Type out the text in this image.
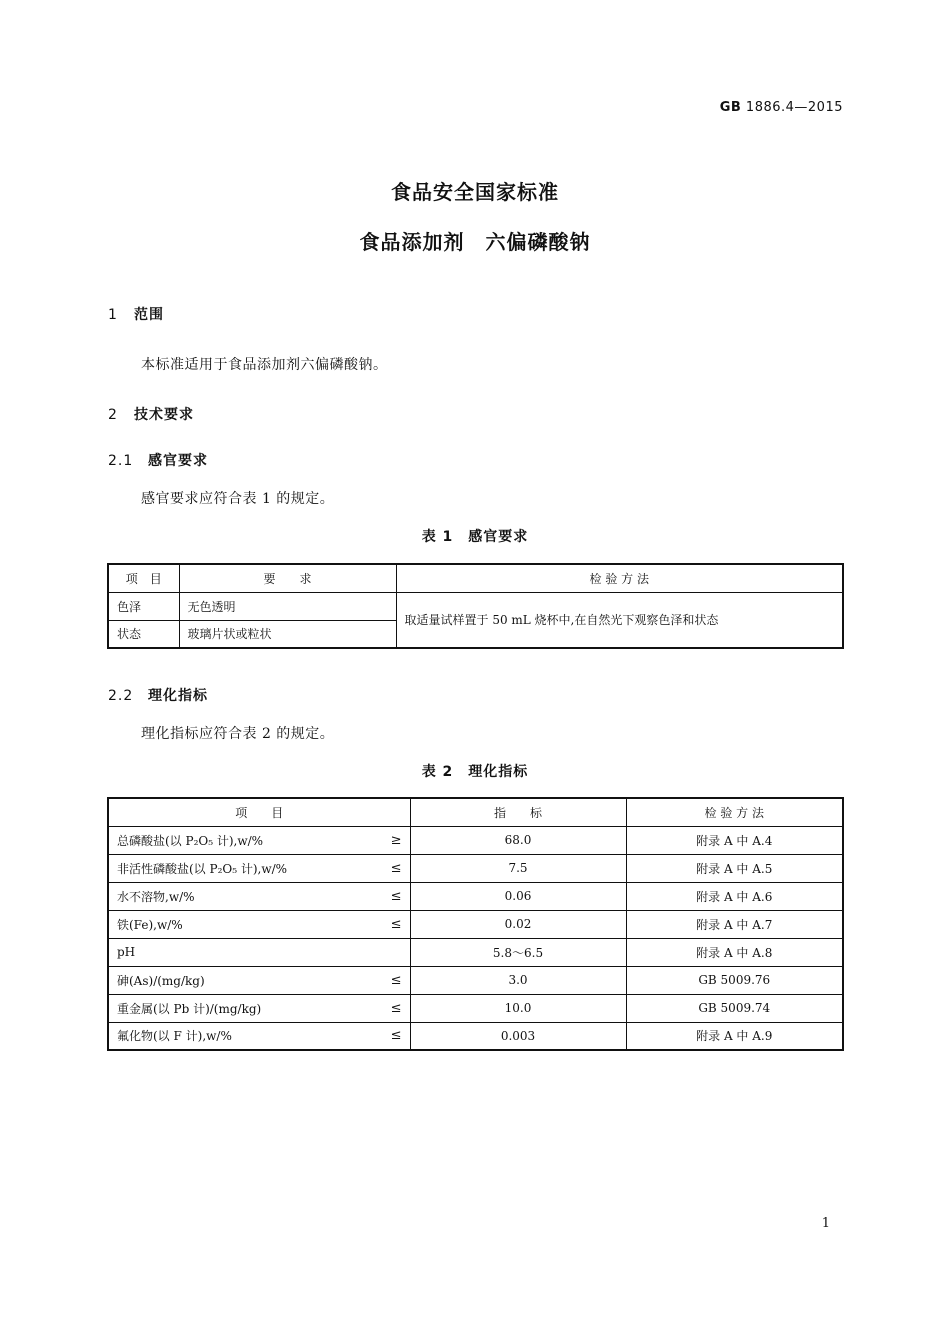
GB 1886.4—2015
食品安全国家标准
食品添加剂　六偏磷酸钠
1 范围
本标准适用于食品添加剂六偏磷酸钠。
2 技术要求
2.1 感官要求
感官要求应符合表 1 的规定。
表 1　感官要求
项　目	要　　求	检 验 方 法
色泽	无色透明	取适量试样置于 50 mL 烧杯中,在自然光下观察色泽和状态
状态	玻璃片状或粒状	
2.2 理化指标
理化指标应符合表 2 的规定。
表 2　理化指标
项　　目	指　　标	检 验 方 法

总磷酸盐(以 P₂O₅ 计),w/% ≥	68.0	附录 A 中 A.4

非活性磷酸盐(以 P₂O₅ 计),w/% ≤	7.5	附录 A 中 A.5

水不溶物,w/% ≤	0.06	附录 A 中 A.6

铁(Fe),w/% ≤	0.02	附录 A 中 A.7

pH	5.8～6.5	附录 A 中 A.8

砷(As)/(mg/kg) ≤	3.0	GB 5009.76

重金属(以 Pb 计)/(mg/kg) ≤	10.0	GB 5009.74

氟化物(以 F 计),w/% ≤	0.003	附录 A 中 A.9
1
